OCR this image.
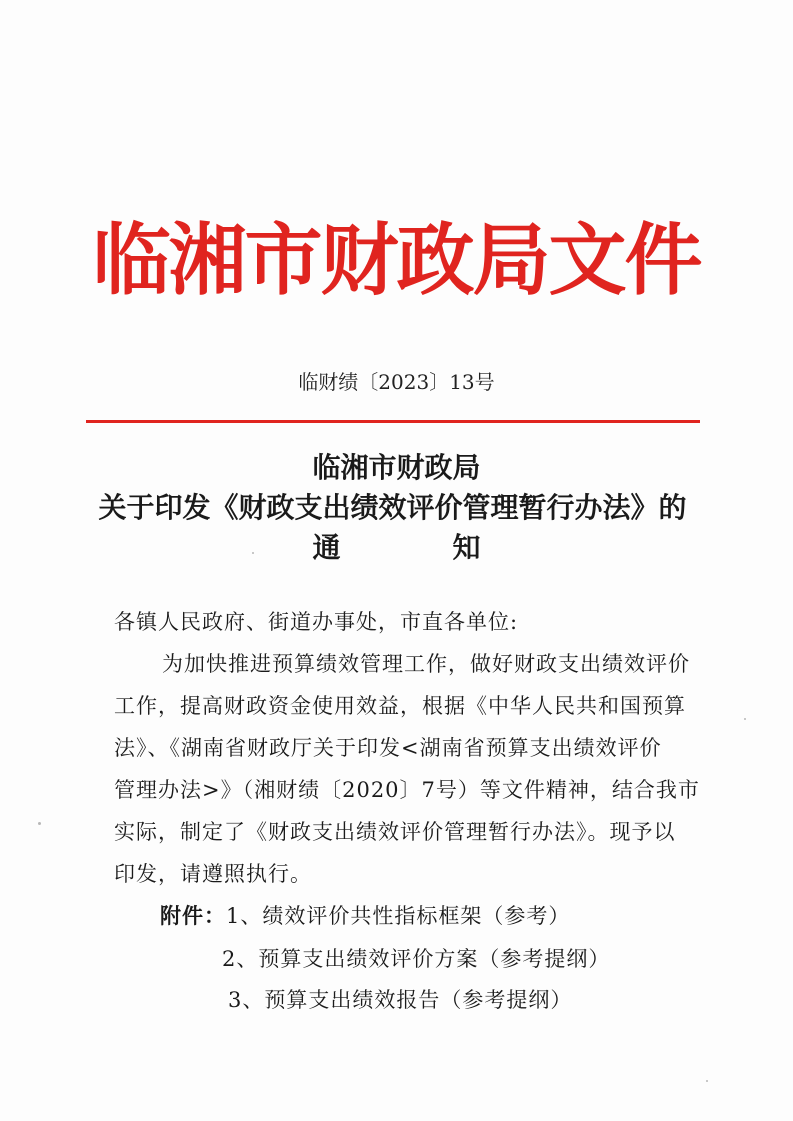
临湘市财政局文件
临财绩〔2023〕13号
临湘市财政局
关于印发《财政支出绩效评价管理暂行办法》的
通	知
各镇人民政府、街道办事处，市直各单位:
为加快推进预算绩效管理工作，做好财政支出绩效评价
工作，提高财政资金使用效益，根据《中华人民共和国预算
法》、《湖南省财政厅关于印发<湖南省预算支出绩效评价
管理办法>》（湘财绩〔2020〕7号）等文件精神，结合我市
实际，制定了《财政支出绩效评价管理暂行办法》。现予以
印发，请遵照执行。
附件：1、绩效评价共性指标框架（参考）
2、预算支出绩效评价方案（参考提纲）
3、预算支出绩效报告（参考提纲）
